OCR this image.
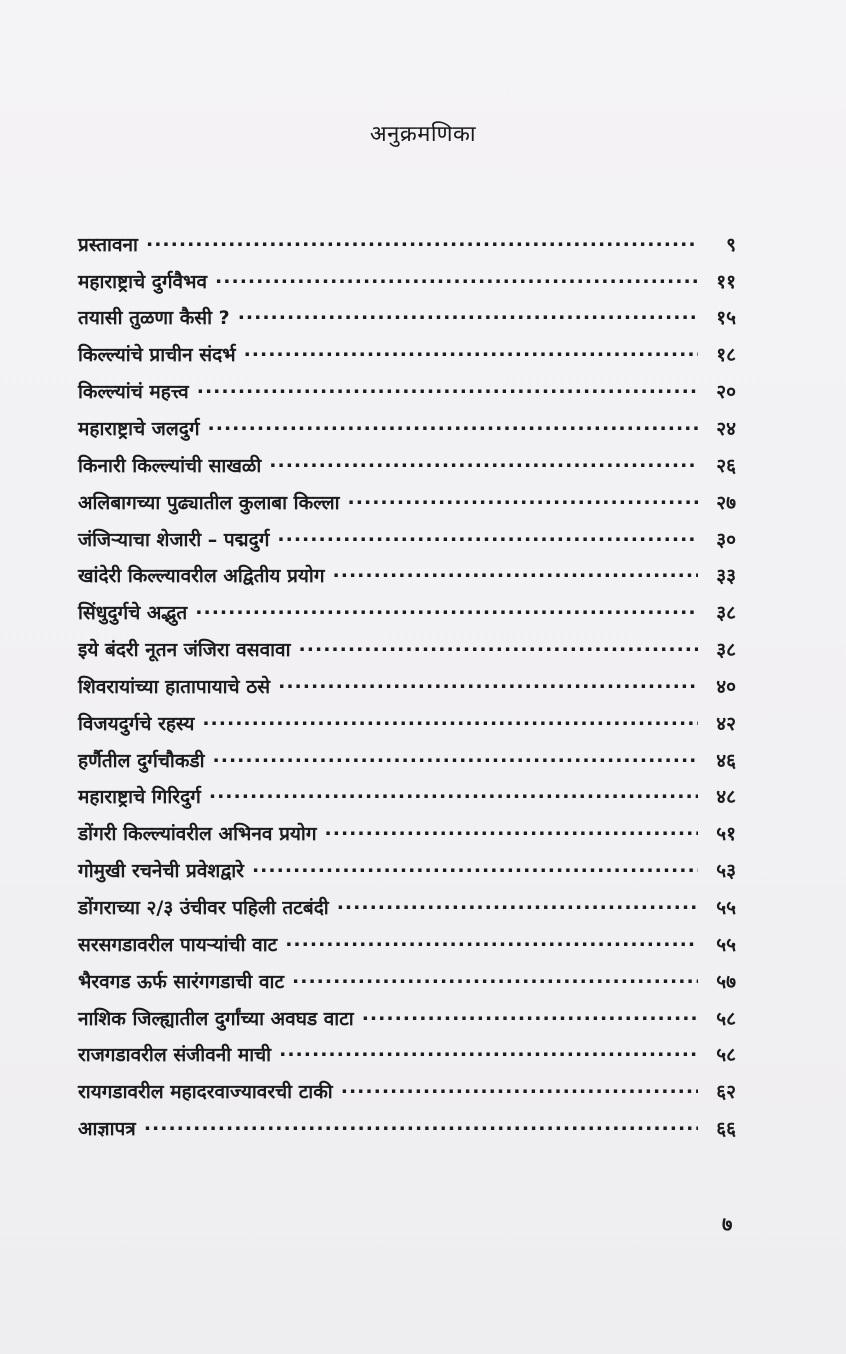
अनुक्रमणिका
प्रस्तावना .....	९
महाराष्ट्राचे दुर्गवैभव .....	११
तयासी तुळणा कैसी ? .....	१५
किल्ल्यांचे प्राचीन संदर्भ .....	१८
किल्ल्यांचं महत्त्व .....	२०
महाराष्ट्राचे जलदुर्ग .....	२४
किनारी किल्ल्यांची साखळी .....	२६
अलिबागच्या पुढ्यातील कुलाबा किल्ला .....	२७
जंजिऱ्याचा शेजारी – पद्मदुर्ग .....	३०
खांदेरी किल्ल्यावरील अद्वितीय प्रयोग .....	३३
सिंधुदुर्गचे अद्भुत .....	३८
इये बंदरी नूतन जंजिरा वसवावा .....	३८
शिवरायांच्या हातापायाचे ठसे .....	४०
विजयदुर्गचे रहस्य .....	४२
हर्णैतील दुर्गचौकडी .....	४६
महाराष्ट्राचे गिरिदुर्ग .....	४८
डोंगरी किल्ल्यांवरील अभिनव प्रयोग .....	५१
गोमुखी रचनेची प्रवेशद्वारे .....	५३
डोंगराच्या २/३ उंचीवर पहिली तटबंदी .....	५५
सरसगडावरील पायऱ्यांची वाट .....	५५
भैरवगड ऊर्फ सारंगगडाची वाट .....	५७
नाशिक जिल्ह्यातील दुर्गांच्या अवघड वाटा .....	५८
राजगडावरील संजीवनी माची .....	५८
रायगडावरील महादरवाज्यावरची टाकी .....	६२
आज्ञापत्र .....	६६
७
